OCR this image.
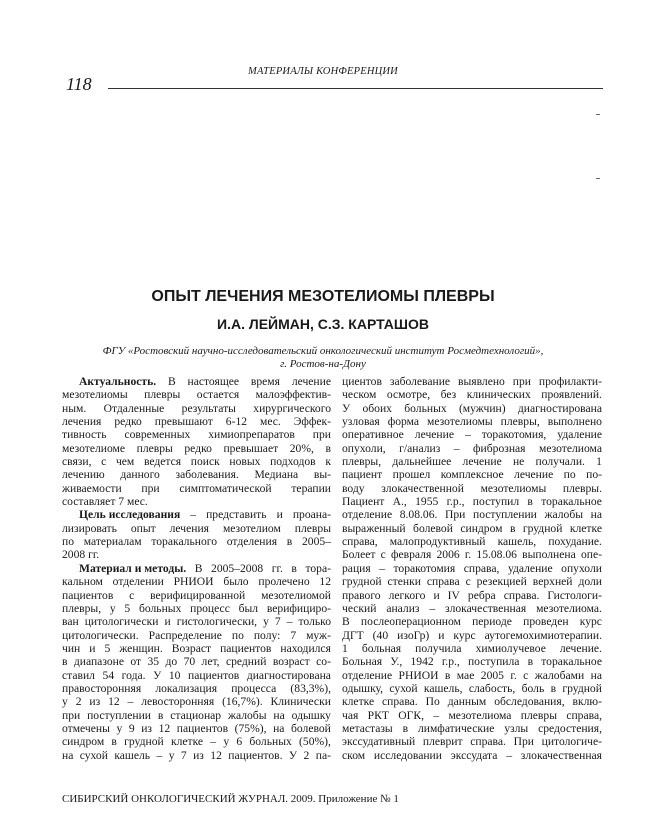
МАТЕРИАЛЫ КОНФЕРЕНЦИИ
118
ОПЫТ ЛЕЧЕНИЯ МЕЗОТЕЛИОМЫ ПЛЕВРЫ
И.А. ЛЕЙМАН, С.З. КАРТАШОВ
ФГУ «Ростовский научно-исследовательский онкологический институт Росмедтехнологий»,
г. Ростов-на-Дону
Актуальность. В настоящее время лечение
мезотелиомы плевры остается малоэффектив-
ным. Отдаленные результаты хирургического
лечения редко превышают 6-12 мес. Эффек-
тивность современных химиопрепаратов при
мезотелиоме плевры редко превышает 20%, в
связи, с чем ведется поиск новых подходов к
лечению данного заболевания. Медиана вы-
живаемости при симптоматической терапии
составляет 7 мес.
Цель исследования – представить и проана-
лизировать опыт лечения мезотелиом плевры
по материалам торакального отделения в 2005–
2008 гг.
Материал и методы. В 2005–2008 гг. в тора-
кальном отделении РНИОИ было пролечено 12
пациентов с верифицированной мезотелиомой
плевры, у 5 больных процесс был верифициро-
ван цитологически и гистологически, у 7 – только
цитологически. Распределение по полу: 7 муж-
чин и 5 женщин. Возраст пациентов находился
в диапазоне от 35 до 70 лет, средний возраст со-
ставил 54 года. У 10 пациентов диагностирована
правосторонняя локализация процесса (83,3%),
у 2 из 12 – левосторонняя (16,7%). Клинически
при поступлении в стационар жалобы на одышку
отмечены у 9 из 12 пациентов (75%), на болевой
синдром в грудной клетке – у 6 больных (50%),
на сухой кашель – у 7 из 12 пациентов. У 2 па-
циентов заболевание выявлено при профилакти-
ческом осмотре, без клинических проявлений.
У обоих больных (мужчин) диагностирована
узловая форма мезотелиомы плевры, выполнено
оперативное лечение – торакотомия, удаление
опухоли, г/анализ – фиброзная мезотелиома
плевры, дальнейшее лечение не получали. 1
пациент прошел комплексное лечение по по-
воду злокачественной мезотелиомы плевры.
Пациент А., 1955 г.р., поступил в торакальное
отделение 8.08.06. При поступлении жалобы на
выраженный болевой синдром в грудной клетке
справа, малопродуктивный кашель, похудание.
Болеет с февраля 2006 г. 15.08.06 выполнена опе-
рация – торакотомия справа, удаление опухоли
грудной стенки справа с резекцией верхней доли
правого легкого и IV ребра справа. Гистологи-
ческий анализ – злокачественная мезотелиома.
В послеоперационном периоде проведен курс
ДГТ (40 изоГр) и курс аутогемохимиотерапии.
1 больная получила химиолучевое лечение.
Больная У., 1942 г.р., поступила в торакальное
отделение РНИОИ в мае 2005 г. с жалобами на
одышку, сухой кашель, слабость, боль в грудной
клетке справа. По данным обследования, вклю-
чая РКТ ОГК, – мезотелиома плевры справа,
метастазы в лимфатические узлы средостения,
экссудативный плеврит справа. При цитологиче-
ском исследовании экссудата – злокачественная
СИБИРСКИЙ ОНКОЛОГИЧЕСКИЙ ЖУРНАЛ. 2009. Приложение № 1
